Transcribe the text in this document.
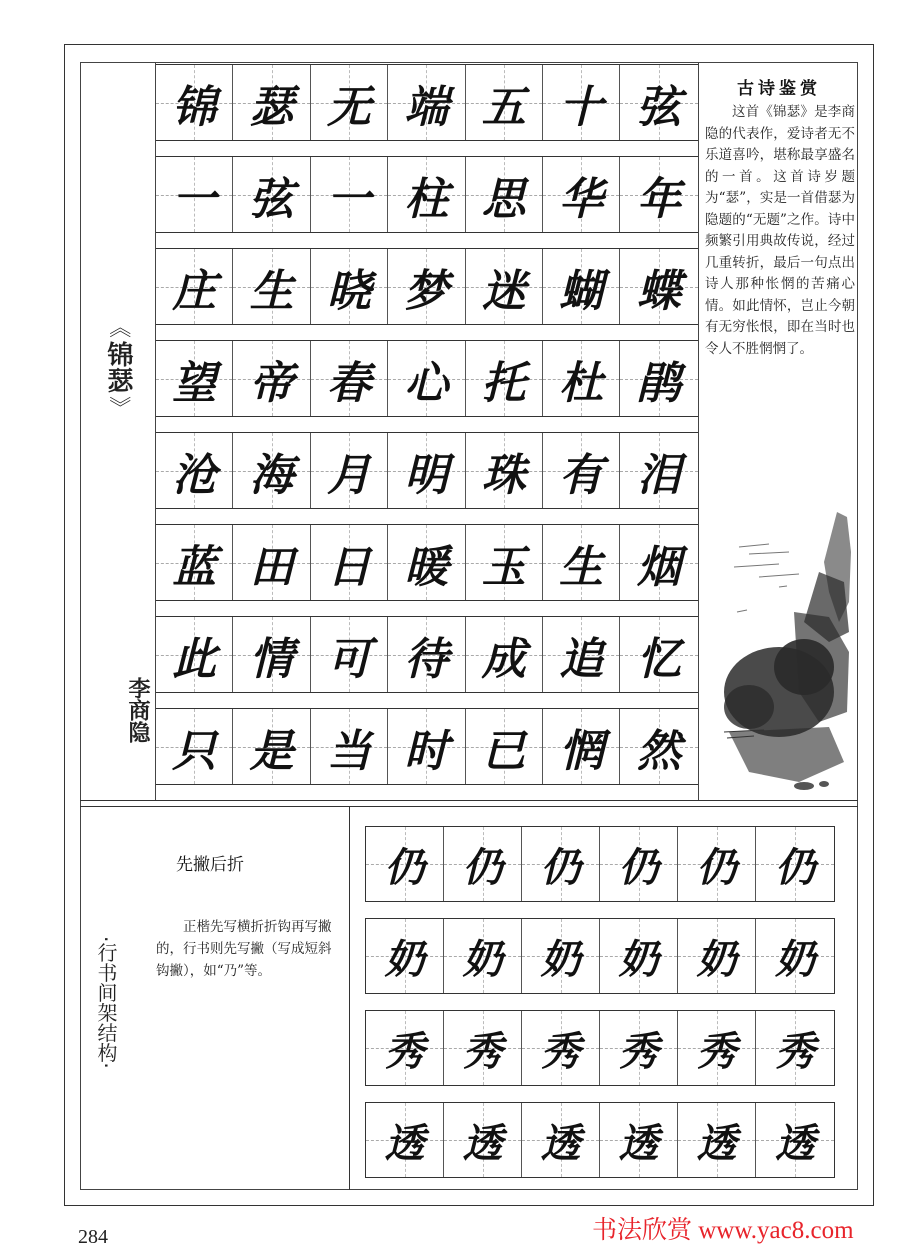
《
锦瑟
》
李商隐
锦 瑟 无 端 五 十 弦
一 弦 一 柱 思 华 年
庄 生 晓 梦 迷 蝴 蝶
望 帝 春 心 托 杜 鹃
沧 海 月 明 珠 有 泪
蓝 田 日 暖 玉 生 烟
此 情 可 待 成 追 忆
只 是 当 时 已 惘 然
古诗鉴赏
这首《锦瑟》是李商隐的代表作，爱诗者无不乐道喜吟，堪称最享盛名的一首。这首诗岁题为“瑟”，实是一首借瑟为隐题的“无题”之作。诗中频繁引用典故传说，经过几重转折，最后一句点出诗人那种怅惘的苦痛心情。如此情怀，岂止今朝有无穷怅恨，即在当时也令人不胜惘惘了。
先撇后折
正楷先写横折折钩再写撇的，行书则先写撇（写成短斜钩撇），如“乃”等。
·行书间架结构·
仍 仍 仍 仍 仍 仍
奶 奶 奶 奶 奶 奶
秀 秀 秀 秀 秀 秀
透 透 透 透 透 透
284	书法欣赏 www.yac8.com
